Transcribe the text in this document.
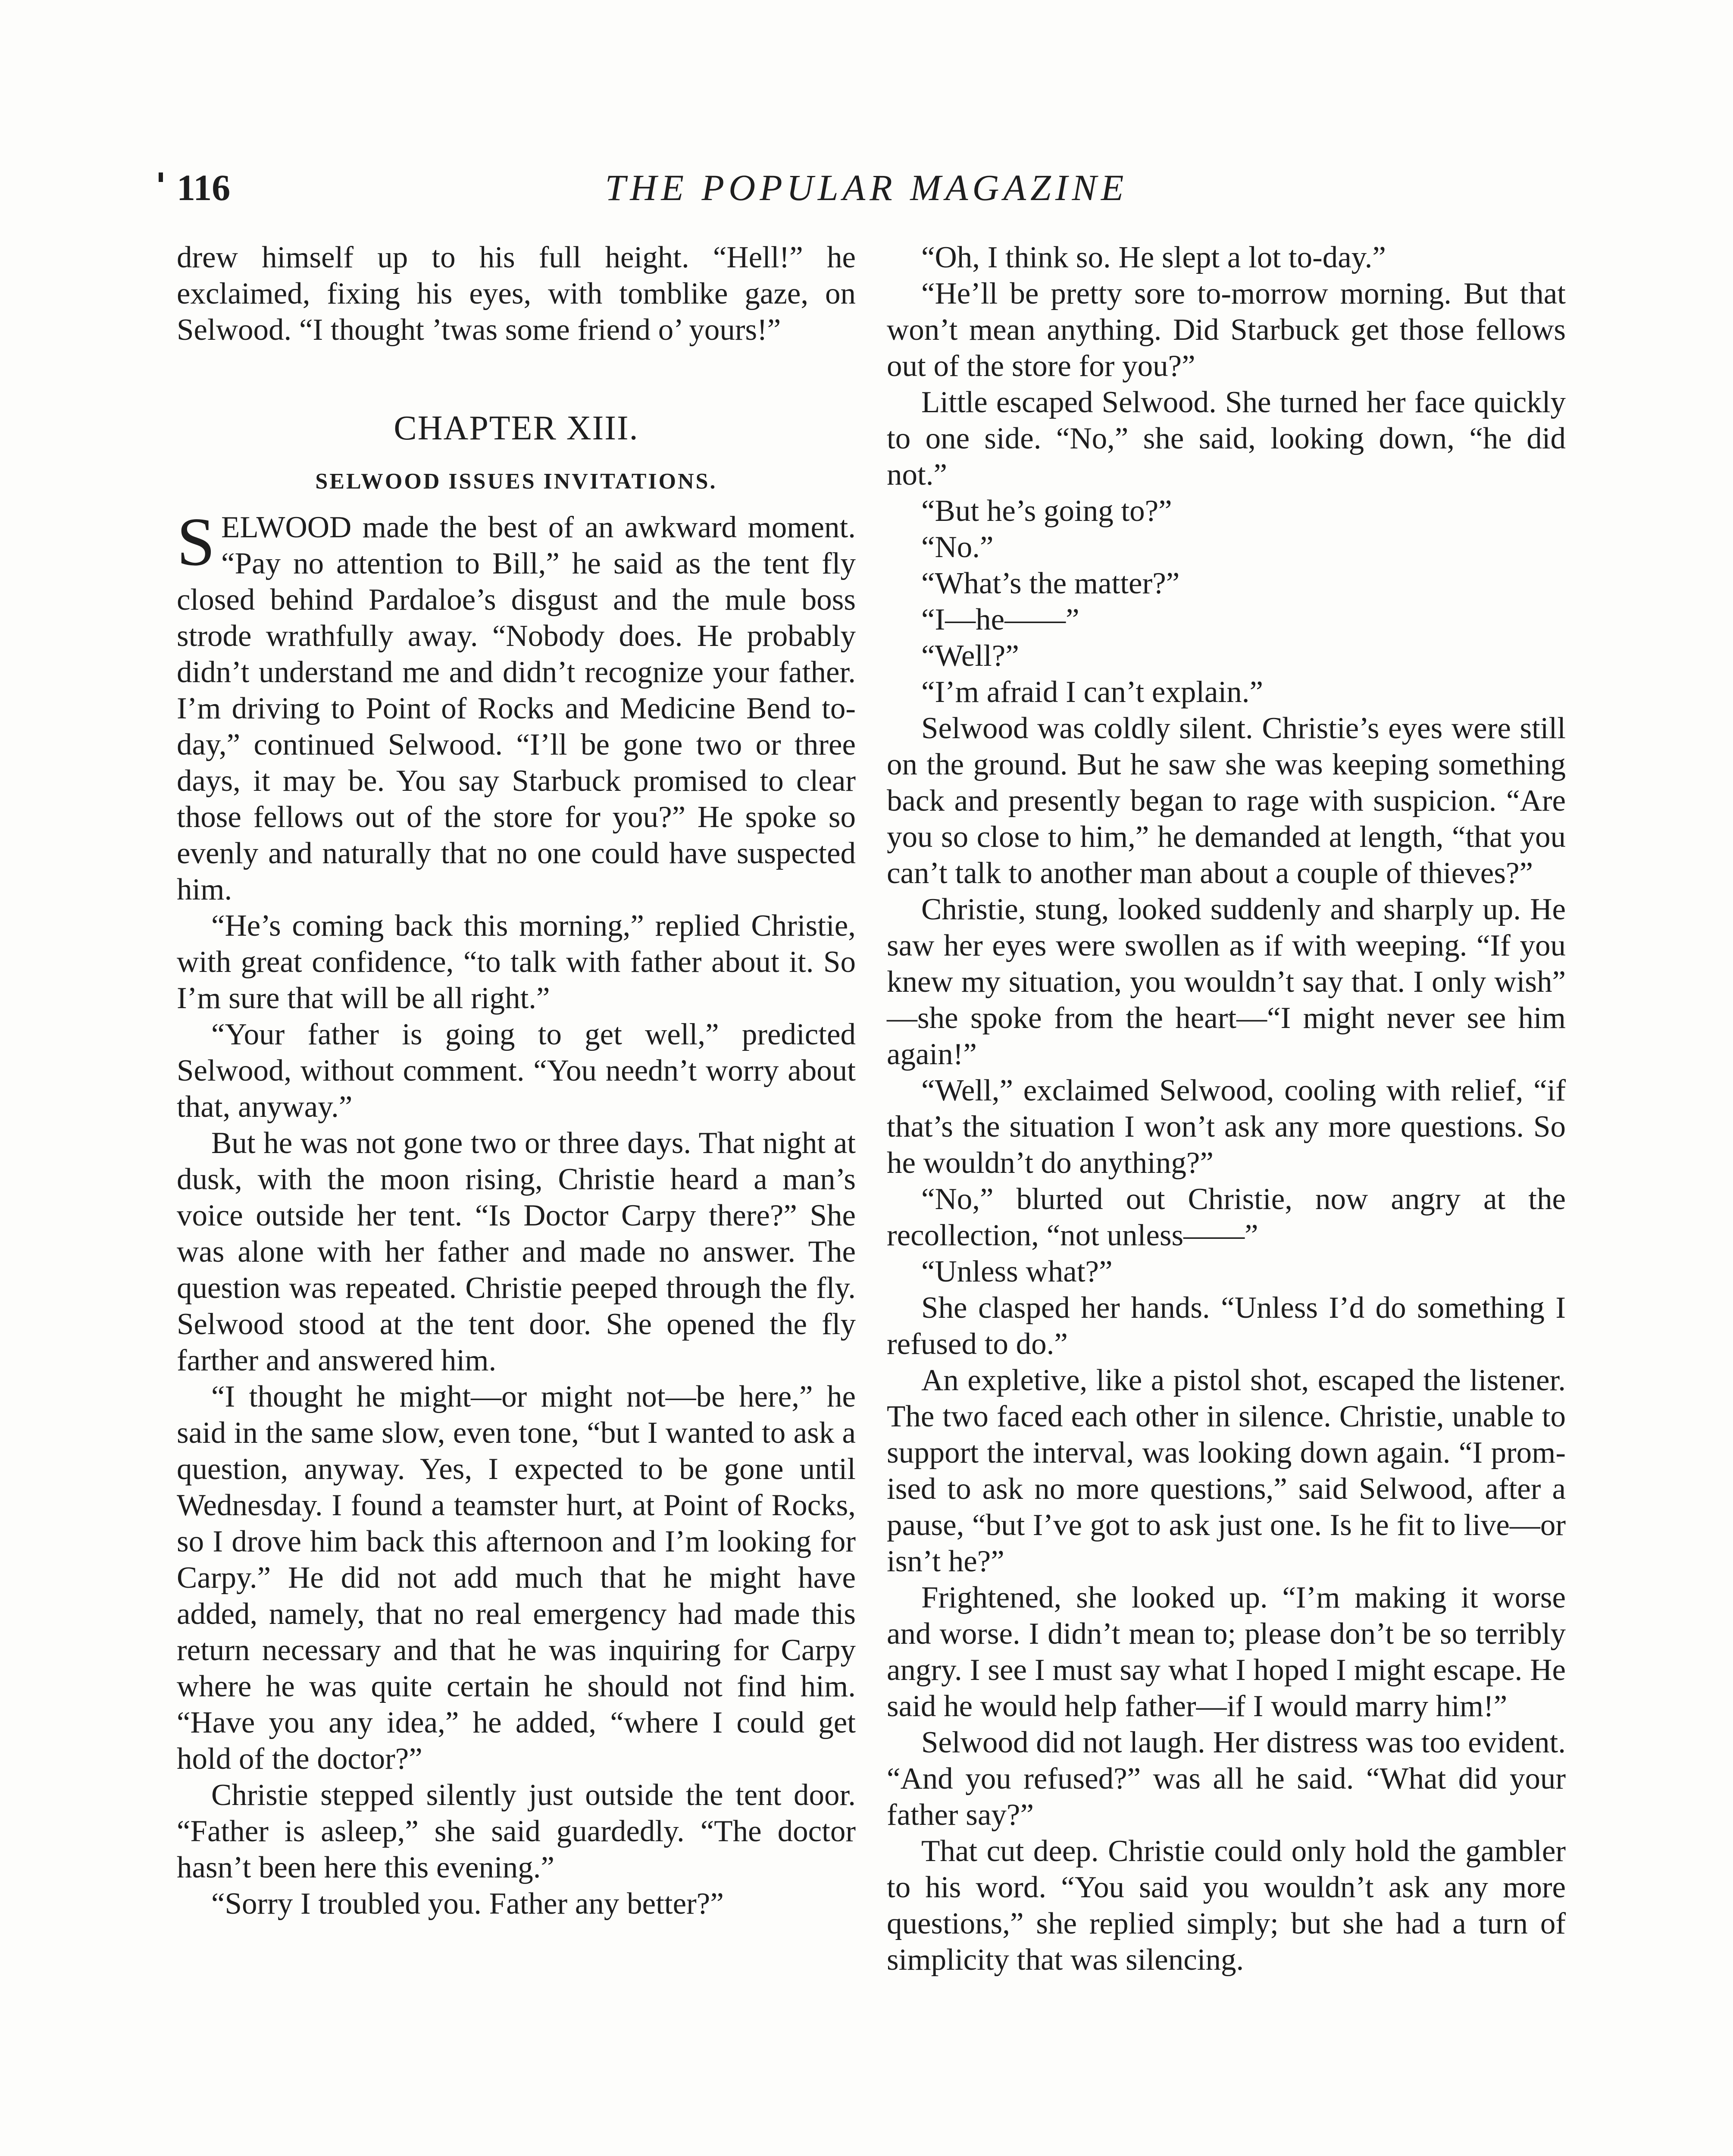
116	THE POPULAR MAGAZINE

drew himself up to his full height. “Hell!” he exclaimed, fixing his eyes, with tomblike gaze, on Selwood. “I thought ’twas some friend o’ yours!”

CHAPTER XIII.
SELWOOD ISSUES INVITATIONS.

SELWOOD made the best of an awkward moment. “Pay no attention to Bill,” he said as the tent fly closed behind Pardaloe’s disgust and the mule boss strode wrathfully away. “Nobody does. He probably didn’t understand me and didn’t recognize your father. I’m driving to Point of Rocks and Medicine Bend to-day,” continued Selwood. “I’ll be gone two or three days, it may be. You say Starbuck promised to clear those fellows out of the store for you?” He spoke so evenly and naturally that no one could have suspected him.

“He’s coming back this morning,” replied Christie, with great confidence, “to talk with father about it. So I’m sure that will be all right.”

“Your father is going to get well,” predicted Selwood, without comment. “You needn’t worry about that, anyway.”

But he was not gone two or three days. That night at dusk, with the moon rising, Christie heard a man’s voice outside her tent. “Is Doctor Carpy there?” She was alone with her father and made no answer. The question was repeated. Christie peeped through the fly. Selwood stood at the tent door. She opened the fly farther and answered him.

“I thought he might—or might not—be here,” he said in the same slow, even tone, “but I wanted to ask a question, anyway. Yes, I expected to be gone until Wednesday. I found a teamster hurt, at Point of Rocks, so I drove him back this afternoon and I’m looking for Carpy.” He did not add much that he might have added, namely, that no real emergency had made this return necessary and that he was inquiring for Carpy where he was quite certain he should not find him. “Have you any idea,” he added, “where I could get hold of the doctor?”

Christie stepped silently just outside the tent door. “Father is asleep,” she said guardedly. “The doctor hasn’t been here this evening.”

“Sorry I troubled you. Father any better?”

“Oh, I think so. He slept a lot to-day.”

“He’ll be pretty sore to-morrow morning. But that won’t mean anything. Did Starbuck get those fellows out of the store for you?”

Little escaped Selwood. She turned her face quickly to one side. “No,” she said, looking down, “he did not.”

“But he’s going to?”

“No.”

“What’s the matter?”

“I—he——”

“Well?”

“I’m afraid I can’t explain.”

Selwood was coldly silent. Christie’s eyes were still on the ground. But he saw she was keeping something back and presently began to rage with suspicion. “Are you so close to him,” he demanded at length, “that you can’t talk to another man about a couple of thieves?”

Christie, stung, looked suddenly and sharply up. He saw her eyes were swollen as if with weeping. “If you knew my situation, you wouldn’t say that. I only wish” —she spoke from the heart—“I might never see him again!”

“Well,” exclaimed Selwood, cooling with relief, “if that’s the situation I won’t ask any more questions. So he wouldn’t do anything?”

“No,” blurted out Christie, now angry at the recollection, “not unless——”

“Unless what?”

She clasped her hands. “Unless I’d do something I refused to do.”

An expletive, like a pistol shot, escaped the listener. The two faced each other in silence. Christie, unable to support the interval, was looking down again. “I promised to ask no more questions,” said Selwood, after a pause, “but I’ve got to ask just one. Is he fit to live—or isn’t he?”

Frightened, she looked up. “I’m making it worse and worse. I didn’t mean to; please don’t be so terribly angry. I see I must say what I hoped I might escape. He said he would help father—if I would marry him!”

Selwood did not laugh. Her distress was too evident. “And you refused?” was all he said. “What did your father say?”

That cut deep. Christie could only hold the gambler to his word. “You said you wouldn’t ask any more questions,” she replied simply; but she had a turn of simplicity that was silencing.
